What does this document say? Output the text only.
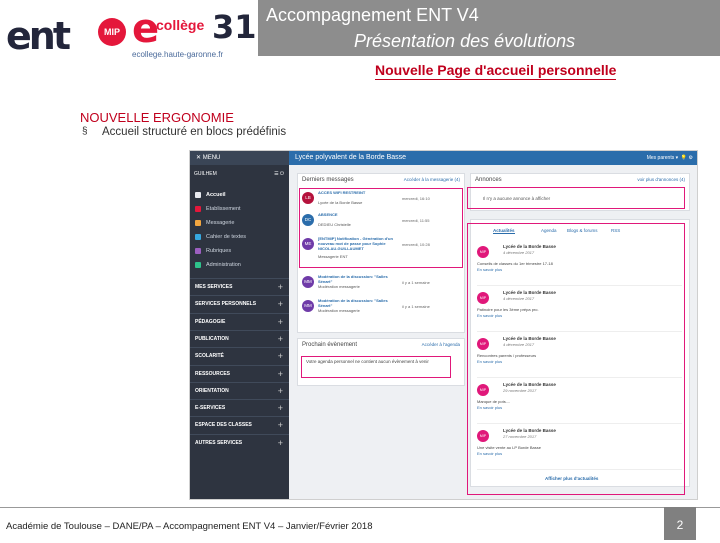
ent	MIP e
collège 31
ecollege.haute-garonne.fr
Accompagnement ENT V4
Présentation des évolutions
Nouvelle Page d'accueil personnelle
NOUVELLE ERGONOMIE
§ Accueil structuré en blocs prédéfinis
✕ MENU
GUILHEM	☰ ⏻
Accueil
Etablissement
Messagerie
Cahier de textes
Rubriques
Administration
MES SERVICES	+
SERVICES PERSONNELS +
PÉDAGOGIE	+
PUBLICATION	+
SCOLARITÉ	+
RESSOURCES	+
ORIENTATION	+
E-SERVICES	+
ESPACE DES CLASSES	+
AUTRES SERVICES	+
Lycée polyvalent de la Borde Basse	Mes parents ▾  💡 ⚙
Derniers messages	Accéder à la messagerie (4)
LB
ACCES WIFI RESTREINT
Lycée de la Borde Basse
mercredi, 16:10
DC
ABSENCE
DEDIEU Christelle
mercredi, 11:55
ME
[ENTMIP] Notification - Génération d'un nouveau mot de passe pour Sophie NICOLAU-GUILLAUMET
Messagerie ENT
mercredi, 10:28
MM
Modération de la discussion: "Salles Sénart"
Modération messagerie
il y a 1 semaine
MM
Modération de la discussion: "Salles Sénart"
Modération messagerie
il y a 1 semaine
Prochain évènement	Accéder à l'agenda
Votre agenda personnel ne contient aucun évènement à venir
Annonces	voir plus d'annonces (4)
Il n'y a aucune annonce à afficher
Actualités	Agenda Blogs & forums	RSS
MIP
Lycée de la Borde Basse
4 décembre 2017
Conseils de classes du 1er trimestre 17-18
En savoir plus
MIP
Lycée de la Borde Basse
4 décembre 2017
Patinoire pour les 3ème prépa pro.
En savoir plus
MIP
Lycée de la Borde Basse
4 décembre 2017
Rencontres parents / professeurs
En savoir plus
MIP
Lycée de la Borde Basse
29 novembre 2017
Manque de pots....
En savoir plus
MIP
Lycée de la Borde Basse
27 novembre 2017
Une visite vente au LP Borde Basse
En savoir plus
Afficher plus d'actualités
Académie de Toulouse – DANE/PA – Accompagnement ENT V4 – Janvier/Février 2018	2
